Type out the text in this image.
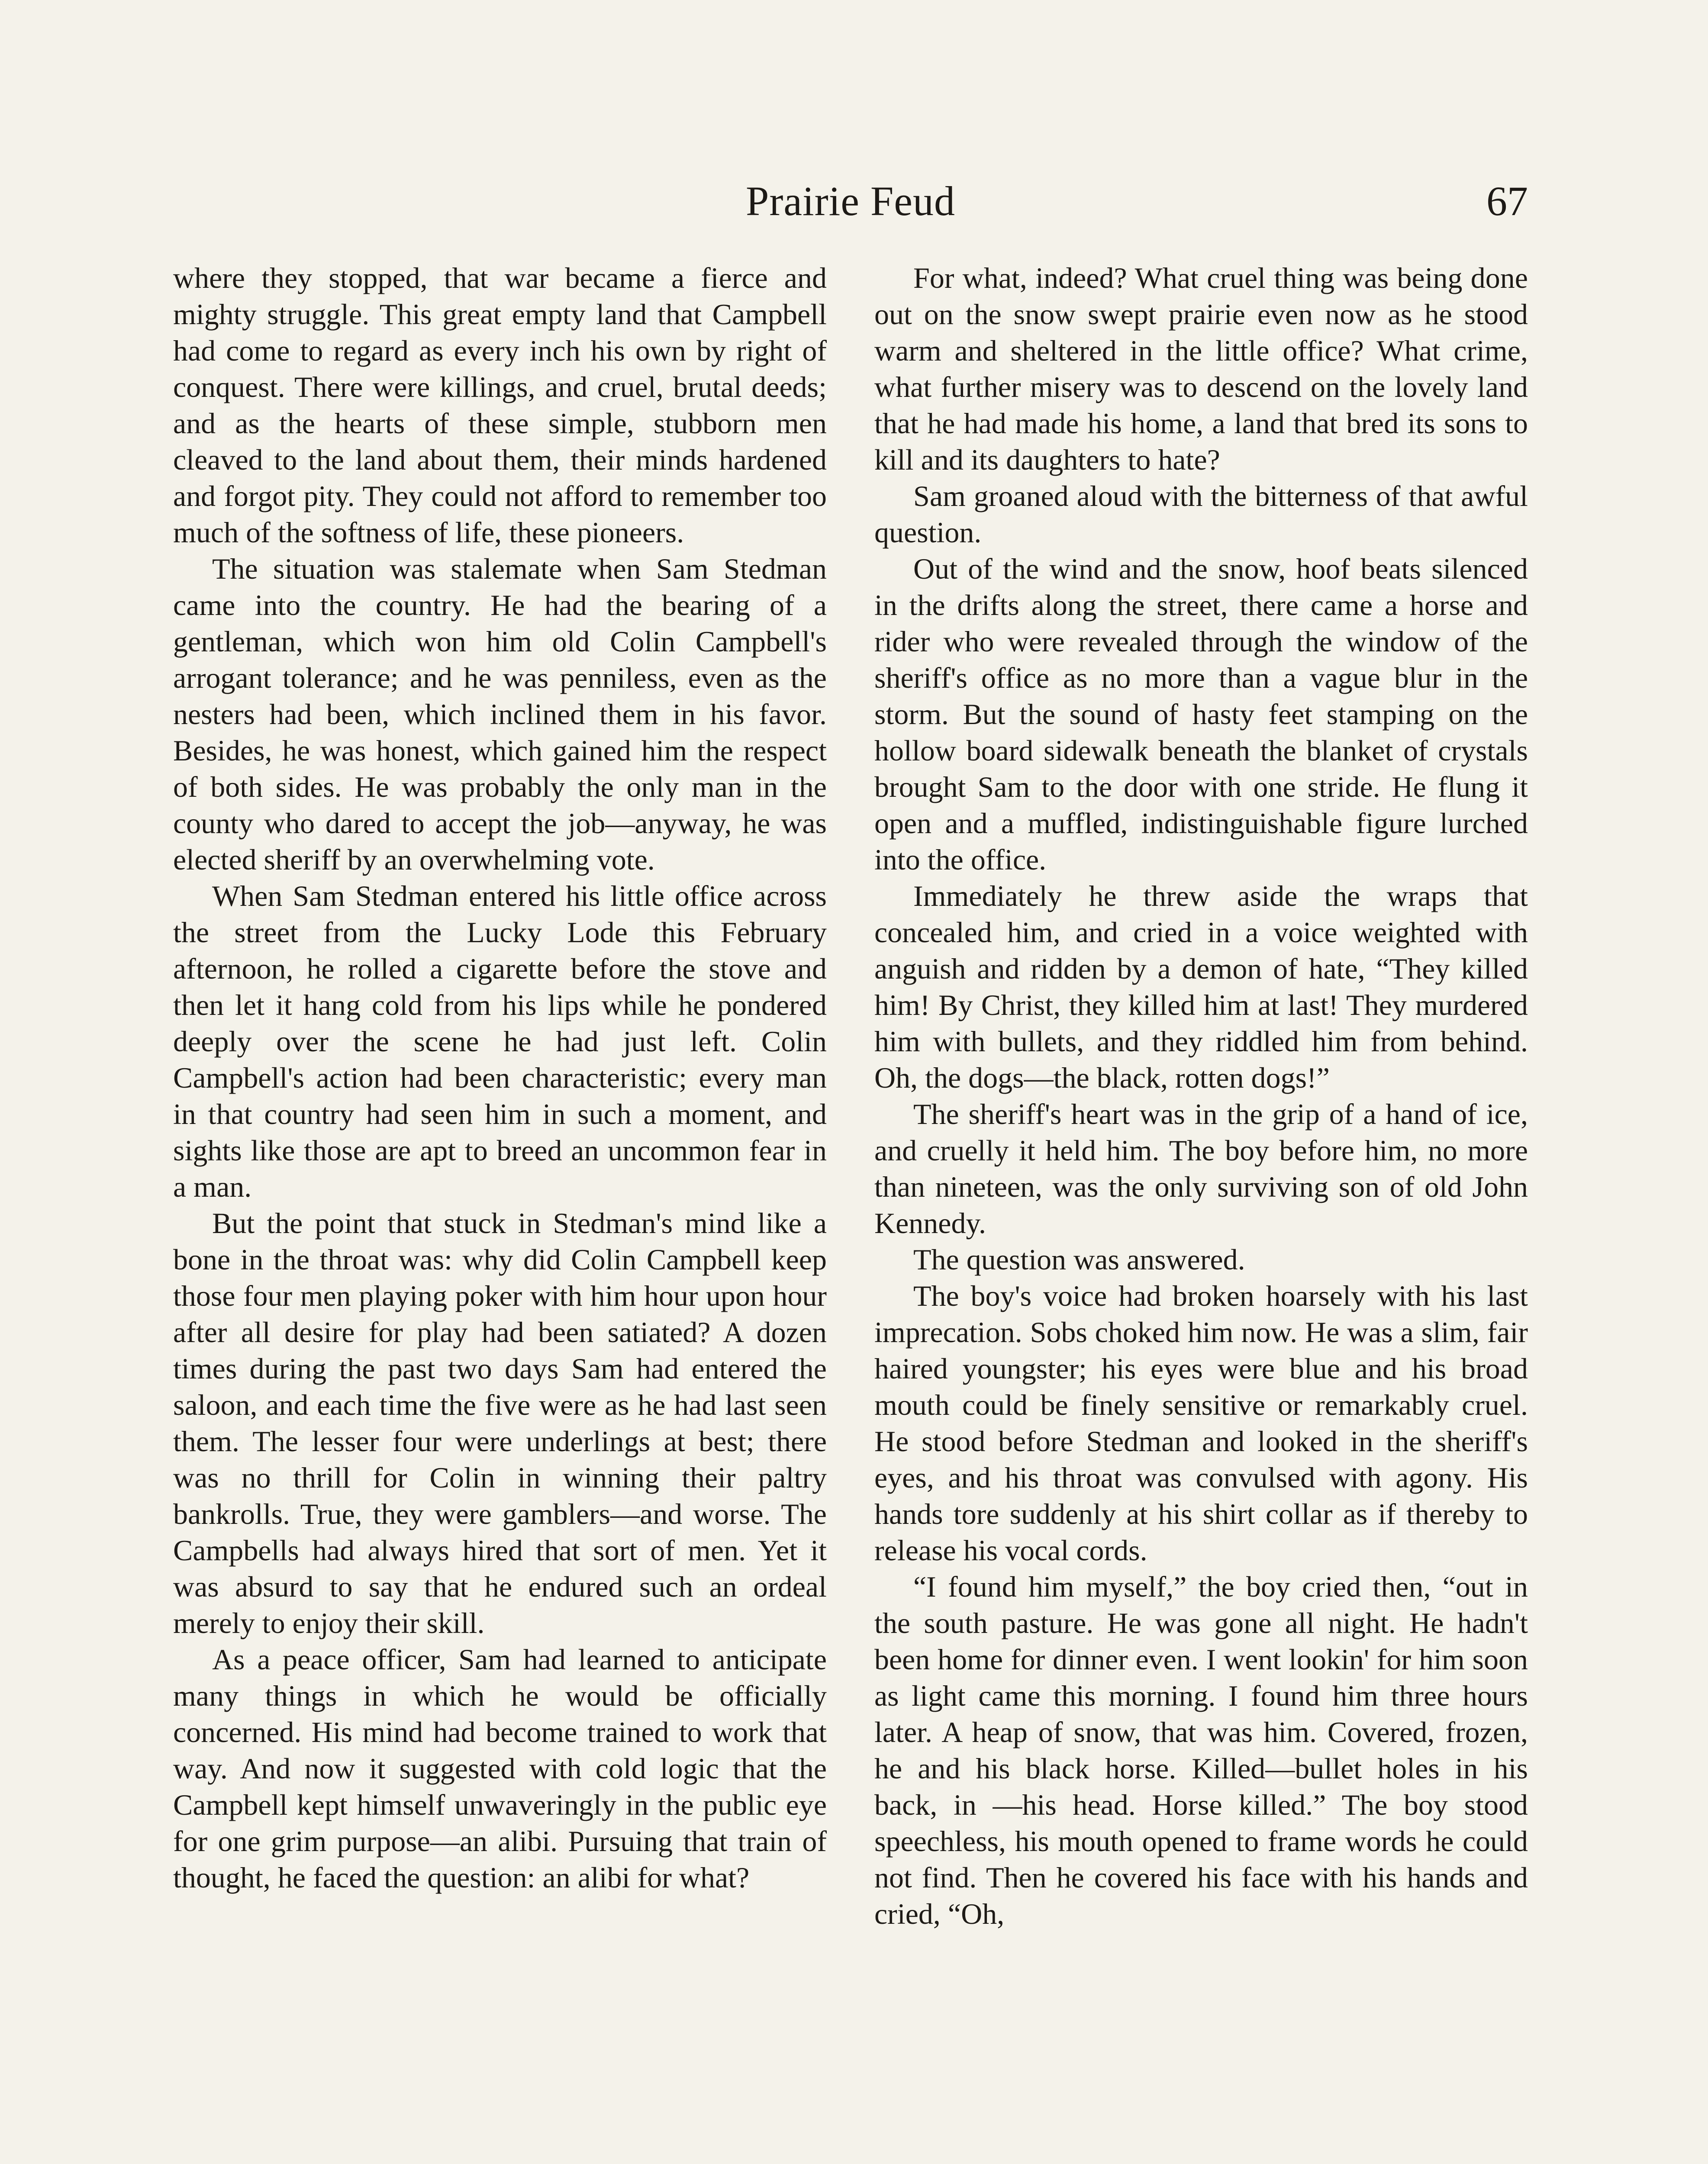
Prairie Feud	67

where they stopped, that war became a fierce and mighty struggle. This great empty land that Campbell had come to regard as every inch his own by right of conquest. There were killings, and cruel, brutal deeds; and as the hearts of these simple, stubborn men cleaved to the land about them, their minds hardened and forgot pity. They could not afford to remember too much of the softness of life, these pioneers.

The situation was stalemate when Sam Stedman came into the country. He had the bearing of a gentleman, which won him old Colin Campbell's arrogant tolerance; and he was penniless, even as the nesters had been, which inclined them in his favor. Besides, he was honest, which gained him the respect of both sides. He was probably the only man in the county who dared to accept the job—anyway, he was elected sheriff by an overwhelming vote.

When Sam Stedman entered his little office across the street from the Lucky Lode this February afternoon, he rolled a cigarette before the stove and then let it hang cold from his lips while he pondered deeply over the scene he had just left. Colin Campbell's action had been characteristic; every man in that country had seen him in such a moment, and sights like those are apt to breed an uncommon fear in a man.

But the point that stuck in Stedman's mind like a bone in the throat was: why did Colin Campbell keep those four men playing poker with him hour upon hour after all desire for play had been satiated? A dozen times during the past two days Sam had entered the saloon, and each time the five were as he had last seen them. The lesser four were underlings at best; there was no thrill for Colin in winning their paltry bankrolls. True, they were gamblers—and worse. The Campbells had always hired that sort of men. Yet it was absurd to say that he endured such an ordeal merely to enjoy their skill.

As a peace officer, Sam had learned to anticipate many things in which he would be officially concerned. His mind had become trained to work that way. And now it suggested with cold logic that the Campbell kept himself unwaveringly in the public eye for one grim purpose—an alibi. Pursuing that train of thought, he faced the question: an alibi for what?

For what, indeed? What cruel thing was being done out on the snow swept prairie even now as he stood warm and sheltered in the little office? What crime, what further misery was to descend on the lovely land that he had made his home, a land that bred its sons to kill and its daughters to hate?

Sam groaned aloud with the bitterness of that awful question.

Out of the wind and the snow, hoof beats silenced in the drifts along the street, there came a horse and rider who were revealed through the window of the sheriff's office as no more than a vague blur in the storm. But the sound of hasty feet stamping on the hollow board sidewalk beneath the blanket of crystals brought Sam to the door with one stride. He flung it open and a muffled, indistinguishable figure lurched into the office.

Immediately he threw aside the wraps that concealed him, and cried in a voice weighted with anguish and ridden by a demon of hate, “They killed him! By Christ, they killed him at last! They murdered him with bullets, and they riddled him from behind. Oh, the dogs—the black, rotten dogs!”

The sheriff's heart was in the grip of a hand of ice, and cruelly it held him. The boy before him, no more than nineteen, was the only surviving son of old John Kennedy.

The question was answered.

The boy's voice had broken hoarsely with his last imprecation. Sobs choked him now. He was a slim, fair haired youngster; his eyes were blue and his broad mouth could be finely sensitive or remarkably cruel. He stood before Stedman and looked in the sheriff's eyes, and his throat was convulsed with agony. His hands tore suddenly at his shirt collar as if thereby to release his vocal cords.

“I found him myself,” the boy cried then, “out in the south pasture. He was gone all night. He hadn't been home for dinner even. I went lookin' for him soon as light came this morning. I found him three hours later. A heap of snow, that was him. Covered, frozen, he and his black horse. Killed—bullet holes in his back, in —his head. Horse killed.” The boy stood speechless, his mouth opened to frame words he could not find. Then he covered his face with his hands and cried, “Oh,
